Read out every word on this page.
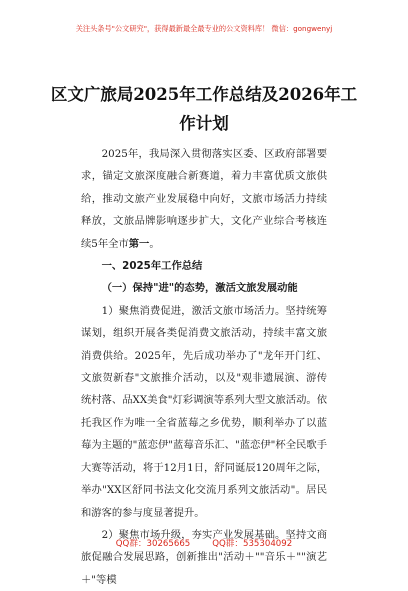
关注头条号"公文研究"，获得最新最全最专业的公文资料库！ 微信：gongwenyj
区文广旅局2025年工作总结及2026年工作计划

2025年，我局深入贯彻落实区委、区政府部署要求，锚定文旅深度融合新赛道，着力丰富优质文旅供给，推动文旅产业发展稳中向好，文旅市场活力持续释放，文旅品牌影响逐步扩大，文化产业综合考核连续5年全市第一。

一、2025年工作总结

（一）保持"进"的态势，激活文旅发展动能

1）聚焦消费促进，激活文旅市场活力。坚持统筹谋划，组织开展各类促消费文旅活动，持续丰富文旅消费供给。2025年，先后成功举办了"龙年开门红、文旅贺新春"文旅推介活动，以及"观非遗展演、游传统村落、品XX美食"灯彩调演等系列大型文旅活动。依托我区作为唯一全省蓝莓之乡优势，顺利举办了以蓝莓为主题的"蓝恋伊"蓝莓音乐汇、"蓝恋伊"杯全民歌手大赛等活动，将于12月1日，舒同诞辰120周年之际，举办"XX区舒同书法文化交流月系列文旅活动"。居民和游客的参与度显著提升。

2）聚焦市场升级，夯实产业发展基础。坚持文商旅促融合发展思路，创新推出"活动＋""音乐＋""演艺＋"等模

QQ群：30265665	QQ群：535304092
